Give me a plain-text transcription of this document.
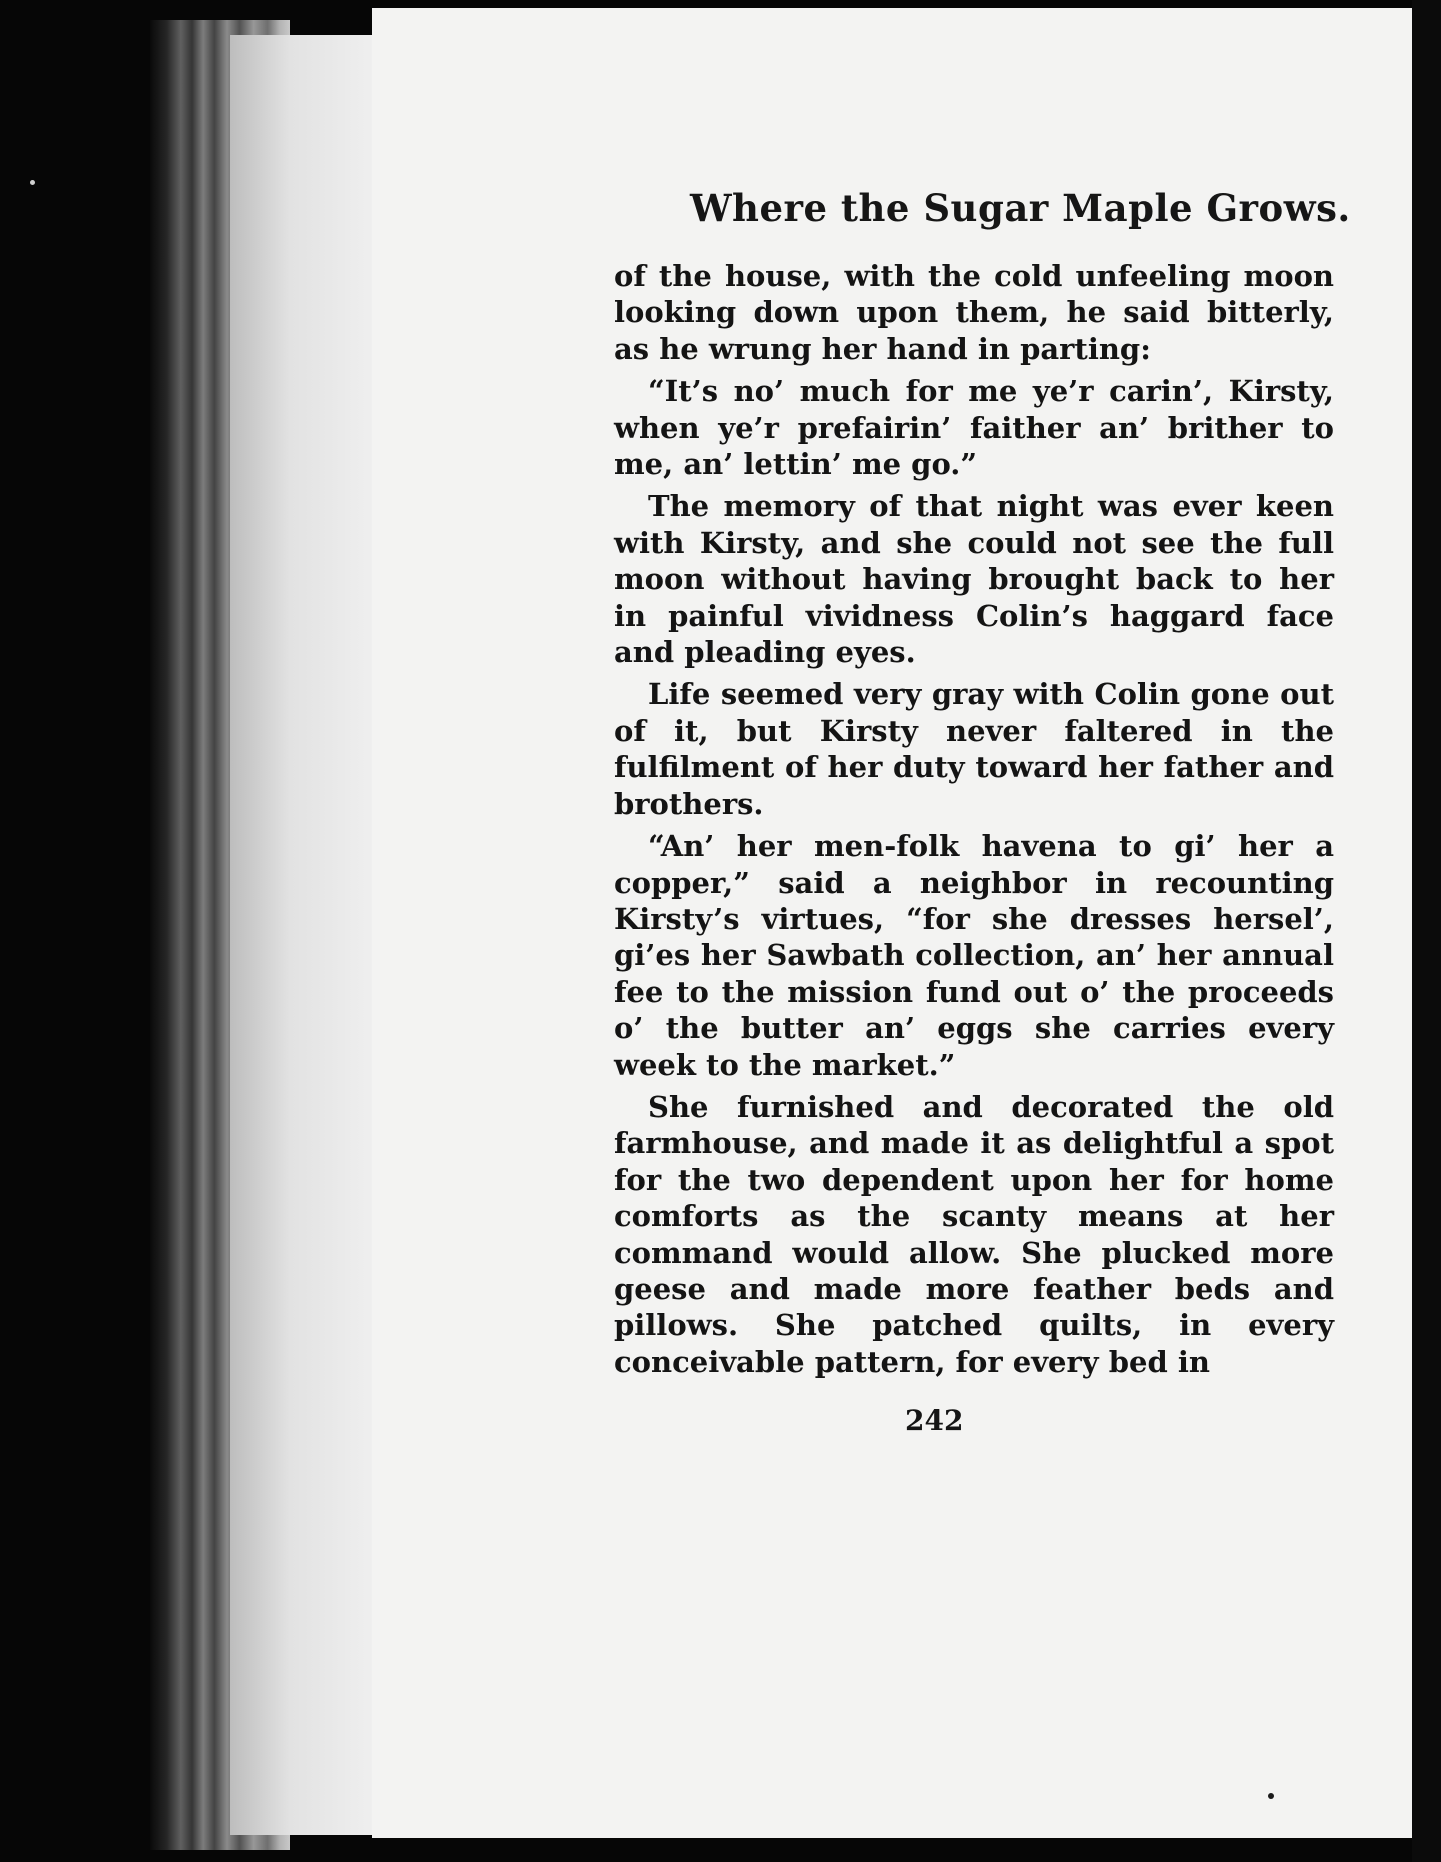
Where the Sugar Maple Grows.

of the house, with the cold unfeeling moon looking down upon them, he said bitterly, as he wrung her hand in parting:

“It’s no’ much for me ye’r carin’, Kirsty, when ye’r prefairin’ faither an’ brither to me, an’ lettin’ me go.”

The memory of that night was ever keen with Kirsty, and she could not see the full moon without having brought back to her in painful vividness Colin’s haggard face and pleading eyes.

Life seemed very gray with Colin gone out of it, but Kirsty never faltered in the fulfilment of her duty toward her father and brothers.

“An’ her men-folk havena to gi’ her a copper,” said a neighbor in recounting Kirsty’s virtues, “for she dresses hersel’, gi’es her Sawbath collection, an’ her annual fee to the mission fund out o’ the proceeds o’ the butter an’ eggs she carries every week to the market.”

She furnished and decorated the old farmhouse, and made it as delightful a spot for the two dependent upon her for home comforts as the scanty means at her command would allow. She plucked more geese and made more feather beds and pillows. She patched quilts, in every conceivable pattern, for every bed in

242
